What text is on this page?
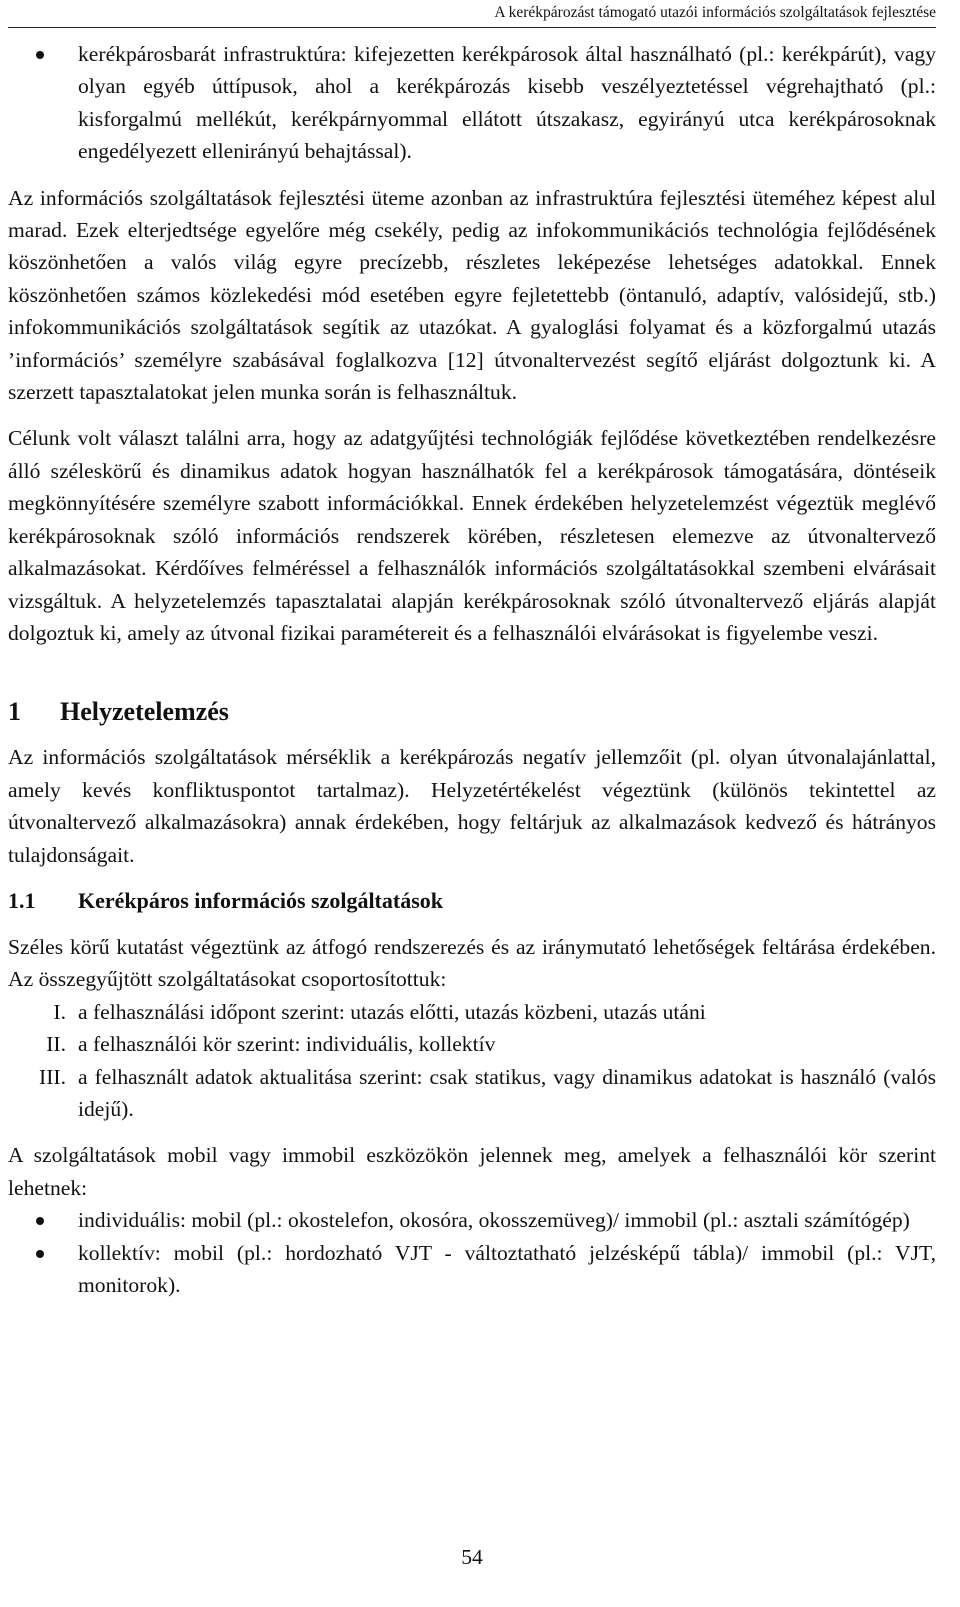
A kerékpározást támogató utazói információs szolgáltatások fejlesztése
kerékpárosbarát infrastruktúra: kifejezetten kerékpárosok által használható (pl.: kerékpárút), vagy olyan egyéb úttípusok, ahol a kerékpározás kisebb veszélyeztetéssel végrehajtható (pl.: kisforgalmú mellékút, kerékpárnyommal ellátott útszakasz, egyirányú utca kerékpárosoknak engedélyezett ellenirányú behajtással).

Az információs szolgáltatások fejlesztési üteme azonban az infrastruktúra fejlesztési üteméhez képest alul marad. Ezek elterjedtsége egyelőre még csekély, pedig az infokommunikációs technológia fejlődésének köszönhetően a valós világ egyre precízebb, részletes leképezése lehetséges adatokkal. Ennek köszönhetően számos közlekedési mód esetében egyre fejletettebb (öntanuló, adaptív, valósidejű, stb.) infokommunikációs szolgáltatások segítik az utazókat. A gyaloglási folyamat és a közforgalmú utazás ’információs’ személyre szabásával foglalkozva [12] útvonaltervezést segítő eljárást dolgoztunk ki. A szerzett tapasztalatokat jelen munka során is felhasználtuk.

Célunk volt választ találni arra, hogy az adatgyűjtési technológiák fejlődése következtében rendelkezésre álló széleskörű és dinamikus adatok hogyan használhatók fel a kerékpárosok támogatására, döntéseik megkönnyítésére személyre szabott információkkal. Ennek érdekében helyzetelemzést végeztük meglévő kerékpárosoknak szóló információs rendszerek körében, részletesen elemezve az útvonaltervező alkalmazásokat. Kérdőíves felméréssel a felhasználók információs szolgáltatásokkal szembeni elvárásait vizsgáltuk. A helyzetelemzés tapasztalatai alapján kerékpárosoknak szóló útvonaltervező eljárás alapját dolgoztuk ki, amely az útvonal fizikai paramétereit és a felhasználói elvárásokat is figyelembe veszi.

1 Helyzetelemzés

Az információs szolgáltatások mérséklik a kerékpározás negatív jellemzőit (pl. olyan útvonalajánlattal, amely kevés konfliktuspontot tartalmaz). Helyzetértékelést végeztünk (különös tekintettel az útvonaltervező alkalmazásokra) annak érdekében, hogy feltárjuk az alkalmazások kedvező és hátrányos tulajdonságait.

1.1 Kerékpáros információs szolgáltatások

Széles körű kutatást végeztünk az átfogó rendszerezés és az iránymutató lehetőségek feltárása érdekében. Az összegyűjtött szolgáltatásokat csoportosítottuk:

I. a felhasználási időpont szerint: utazás előtti, utazás közbeni, utazás utáni
II. a felhasználói kör szerint: individuális, kollektív
III. a felhasznált adatok aktualitása szerint: csak statikus, vagy dinamikus adatokat is használó (valós idejű).

A szolgáltatások mobil vagy immobil eszközökön jelennek meg, amelyek a felhasználói kör szerint lehetnek:

individuális: mobil (pl.: okostelefon, okosóra, okosszemüveg)/ immobil (pl.: asztali számítógép)
kollektív: mobil (pl.: hordozható VJT - változtatható jelzésképű tábla)/ immobil (pl.: VJT, monitorok).
54
